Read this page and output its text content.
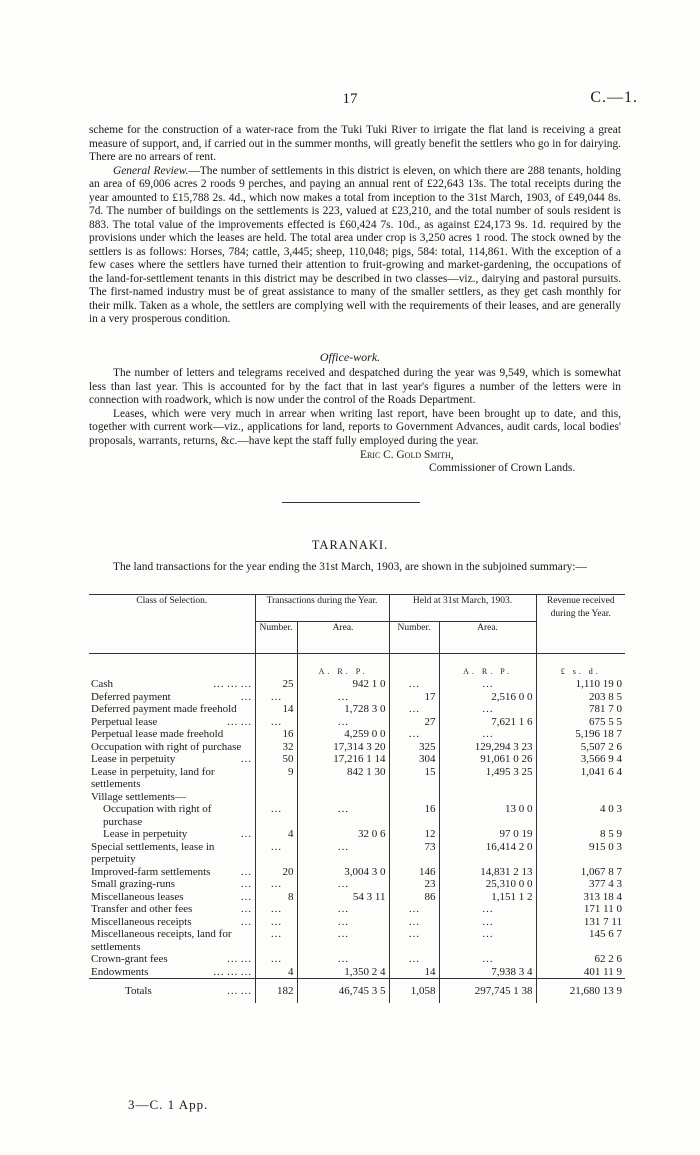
17	C.—1.

scheme for the construction of a water-race from the Tuki Tuki River to irrigate the flat land is receiving a great measure of support, and, if carried out in the summer months, will greatly benefit the settlers who go in for dairying. There are no arrears of rent.

General Review.—The number of settlements in this district is eleven, on which there are 288 tenants, holding an area of 69,006 acres 2 roods 9 perches, and paying an annual rent of £22,643 13s. The total receipts during the year amounted to £15,788 2s. 4d., which now makes a total from inception to the 31st March, 1903, of £49,044 8s. 7d. The number of buildings on the settlements is 223, valued at £23,210, and the total number of souls resident is 883. The total value of the improvements effected is £60,424 7s. 10d., as against £24,173 9s. 1d. required by the provisions under which the leases are held. The total area under crop is 3,250 acres 1 rood. The stock owned by the settlers is as follows: Horses, 784; cattle, 3,445; sheep, 110,048; pigs, 584: total, 114,861. With the exception of a few cases where the settlers have turned their attention to fruit-growing and market-gardening, the occupations of the land-for-settlement tenants in this district may be described in two classes—viz., dairying and pastoral pursuits. The first-named industry must be of great assistance to many of the smaller settlers, as they get cash monthly for their milk. Taken as a whole, the settlers are complying well with the requirements of their leases, and are generally in a very prosperous condition.

Office-work.

The number of letters and telegrams received and despatched during the year was 9,549, which is somewhat less than last year. This is accounted for by the fact that in last year's figures a number of the letters were in connection with roadwork, which is now under the control of the Roads Department.

Leases, which were very much in arrear when writing last report, have been brought up to date, and this, together with current work—viz., applications for land, reports to Government Advances, audit cards, local bodies' proposals, warrants, returns, &c.—have kept the staff fully employed during the year.

Eric C. Gold Smith,
Commissioner of Crown Lands.
TARANAKI.

The land transactions for the year ending the 31st March, 1903, are shown in the subjoined summary:—

Class of Selection.	Transactions during the Year.		Held at 31st March, 1903.		Revenue received during the Year.
	Number.	Area.	Number.	Area.	
		A. R. P.		A. R. P.	£ s. d.
Cash … … …	25	942 1 0	…	…	1,110 19 0
Deferred payment …	…	…	17	2,516 0 0	203 8 5
Deferred payment made freehold	14	1,728 3 0	…	…	781 7 0
Perpetual lease … …	…	…	27	7,621 1 6	675 5 5
Perpetual lease made freehold	16	4,259 0 0	…	…	5,196 18 7
Occupation with right of purchase	32	17,314 3 20	325	129,294 3 23	5,507 2 6
Lease in perpetuity …	50	17,216 1 14	304	91,061 0 26	3,566 9 4
Lease in perpetuity, land for settlements	9	842 1 30	15	1,495 3 25	1,041 6 4
Village settlements—					
Occupation with right of purchase	…	…	16	13 0 0	4 0 3
Lease in perpetuity …	4	32 0 6	12	97 0 19	8 5 9
Special settlements, lease in perpetuity	…	…	73	16,414 2 0	915 0 3
Improved-farm settlements …	20	3,004 3 0	146	14,831 2 13	1,067 8 7
Small grazing-runs …	…	…	23	25,310 0 0	377 4 3
Miscellaneous leases …	8	54 3 11	86	1,151 1 2	313 18 4
Transfer and other fees …	…	…	…	…	171 11 0
Miscellaneous receipts …	…	…	…	…	131 7 11
Miscellaneous receipts, land for settlements	…	…	…	…	145 6 7
Crown-grant fees … …	…	…	…	…	62 2 6
Endowments … … …	4	1,350 2 4	14	7,938 3 4	401 11 9
Totals … …	182	46,745 3 5	1,058	297,745 1 38	21,680 13 9
3—C. 1 App.
